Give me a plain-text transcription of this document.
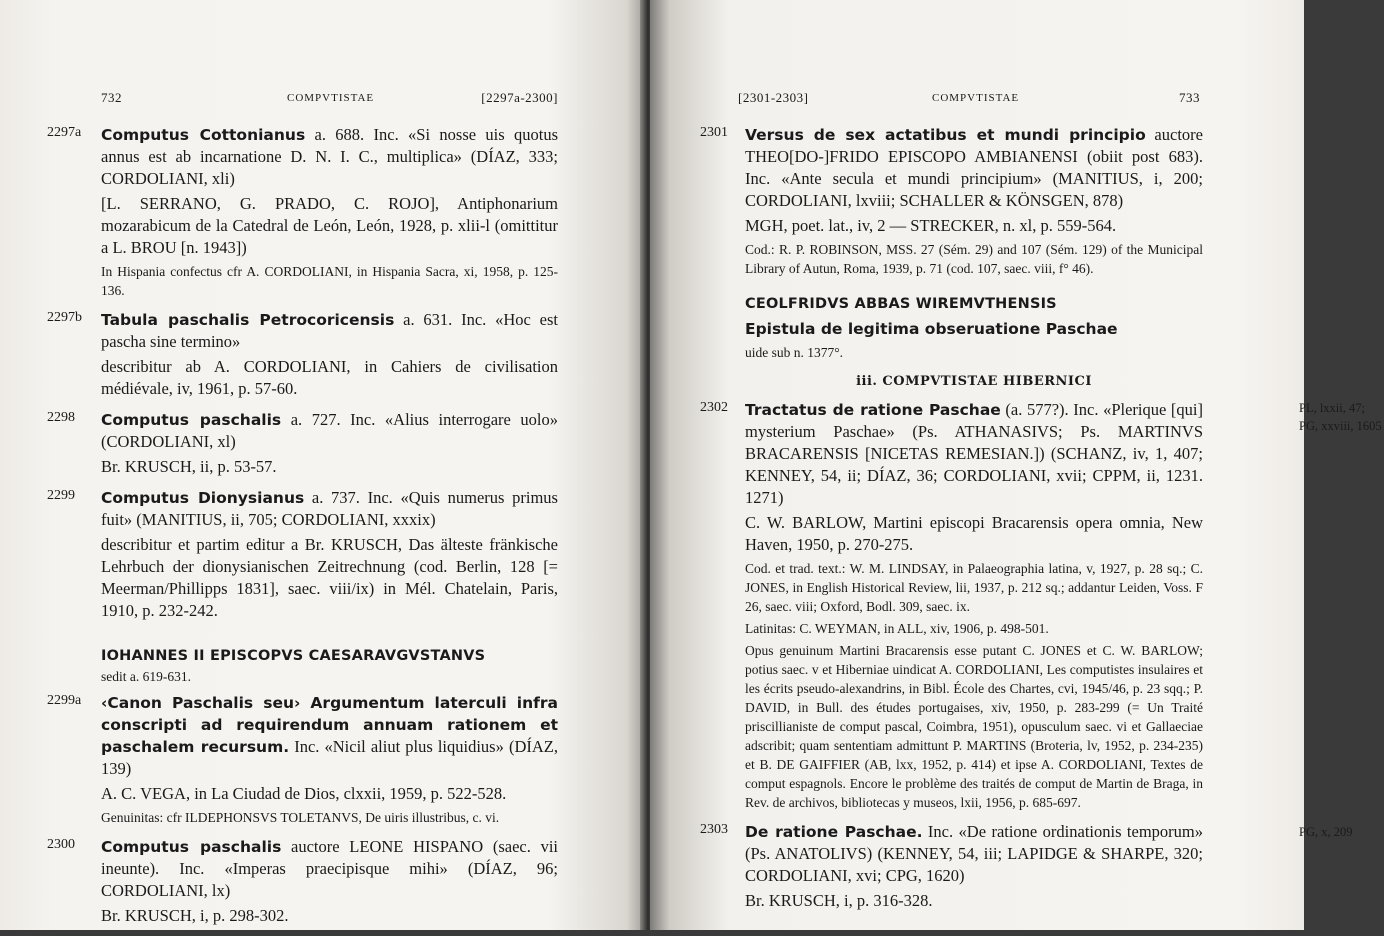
732	COMPVTISTAE	[2297a-2300]
2297a	Computus Cottonianus a. 688. Inc. «Si nosse uis quotus annus est ab incarnatione D. N. I. C., multiplica» (DÍAZ, 333; CORDOLIANI, xli)

[L. SERRANO, G. PRADO, C. ROJO], Antiphonarium mozarabicum de la Catedral de León, León, 1928, p. xlii-l (omittitur a L. BROU [n. 1943])

In Hispania confectus cfr A. CORDOLIANI, in Hispania Sacra, xi, 1958, p. 125-136.

2297b	Tabula paschalis Petrocoricensis a. 631. Inc. «Hoc est pascha sine termino»

describitur ab A. CORDOLIANI, in Cahiers de civilisation médiévale, iv, 1961, p. 57-60.

2298	Computus paschalis a. 727. Inc. «Alius interrogare uolo» (CORDOLIANI, xl)

Br. KRUSCH, ii, p. 53-57.

2299	Computus Dionysianus a. 737. Inc. «Quis numerus primus fuit» (MANITIUS, ii, 705; CORDOLIANI, xxxix)

describitur et partim editur a Br. KRUSCH, Das älteste fränkische Lehrbuch der dionysianischen Zeitrechnung (cod. Berlin, 128 [= Meerman/Phillipps 1831], saec. viii/ix) in Mél. Chatelain, Paris, 1910, p. 232-242.

IOHANNES II EPISCOPVS CAESARAVGVSTANVS

sedit a. 619-631.

2299a	‹Canon Paschalis seu› Argumentum laterculi infra conscripti ad requirendum annuam rationem et paschalem recursum. Inc. «Nicil aliut plus liquidius» (DÍAZ, 139)

A. C. VEGA, in La Ciudad de Dios, clxxii, 1959, p. 522-528.

Genuinitas: cfr ILDEPHONSVS TOLETANVS, De uiris illustribus, c. vi.

2300	Computus paschalis auctore LEONE HISPANO (saec. vii ineunte). Inc. «Imperas praecipisque mihi» (DÍAZ, 96; CORDOLIANI, lx)

Br. KRUSCH, i, p. 298-302.

[2301-2303]	COMPVTISTAE	733
2301	Versus de sex actatibus et mundi principio auctore THEO[DO-]FRIDO EPISCOPO AMBIANENSI (obiit post 683). Inc. «Ante secula et mundi principium» (MANITIUS, i, 200; CORDOLIANI, lxviii; SCHALLER & KÖNSGEN, 878)

MGH, poet. lat., iv, 2 — STRECKER, n. xl, p. 559-564.

Cod.: R. P. ROBINSON, MSS. 27 (Sém. 29) and 107 (Sém. 129) of the Municipal Library of Autun, Roma, 1939, p. 71 (cod. 107, saec. viii, f° 46).

CEOLFRIDVS ABBAS WIREMVTHENSIS

Epistula de legitima obseruatione Paschae

uide sub n. 1377°.

iii. COMPVTISTAE HIBERNICI
2302	Tractatus de ratione Paschae (a. 577?). Inc. «Plerique [qui] mysterium Paschae» (Ps. ATHANASIVS; Ps. MARTINVS BRACARENSIS [NICETAS REMESIAN.]) (SCHANZ, iv, 1, 407; KENNEY, 54, ii; DÍAZ, 36; CORDOLIANI, xvii; CPPM, ii, 1231. 1271)

C. W. BARLOW, Martini episcopi Bracarensis opera omnia, New Haven, 1950, p. 270-275.

Cod. et trad. text.: W. M. LINDSAY, in Palaeographia latina, v, 1927, p. 28 sq.; C. JONES, in English Historical Review, lii, 1937, p. 212 sq.; addantur Leiden, Voss. F 26, saec. viii; Oxford, Bodl. 309, saec. ix.

Latinitas: C. WEYMAN, in ALL, xiv, 1906, p. 498-501.

Opus genuinum Martini Bracarensis esse putant C. JONES et C. W. BARLOW; potius saec. v et Hiberniae uindicat A. CORDOLIANI, Les computistes insulaires et les écrits pseudo-alexandrins, in Bibl. École des Chartes, cvi, 1945/46, p. 23 sqq.; P. DAVID, in Bull. des études portugaises, xiv, 1950, p. 283-299 (= Un Traité priscillianiste de comput pascal, Coimbra, 1951), opusculum saec. vi et Gallaeciae adscribit; quam sententiam admittunt P. MARTINS (Broteria, lv, 1952, p. 234-235) et B. DE GAIFFIER (AB, lxx, 1952, p. 414) et ipse A. CORDOLIANI, Textes de comput espagnols. Encore le problème des traités de comput de Martin de Braga, in Rev. de archivos, bibliotecas y museos, lxii, 1956, p. 685-697.

PL, lxxii, 47; PG, xxviii, 1605
2303	De ratione Paschae. Inc. «De ratione ordinationis temporum» (Ps. ANATOLIVS) (KENNEY, 54, iii; LAPIDGE & SHARPE, 320; CORDOLIANI, xvi; CPG, 1620)

Br. KRUSCH, i, p. 316-328.

PG, x, 209
